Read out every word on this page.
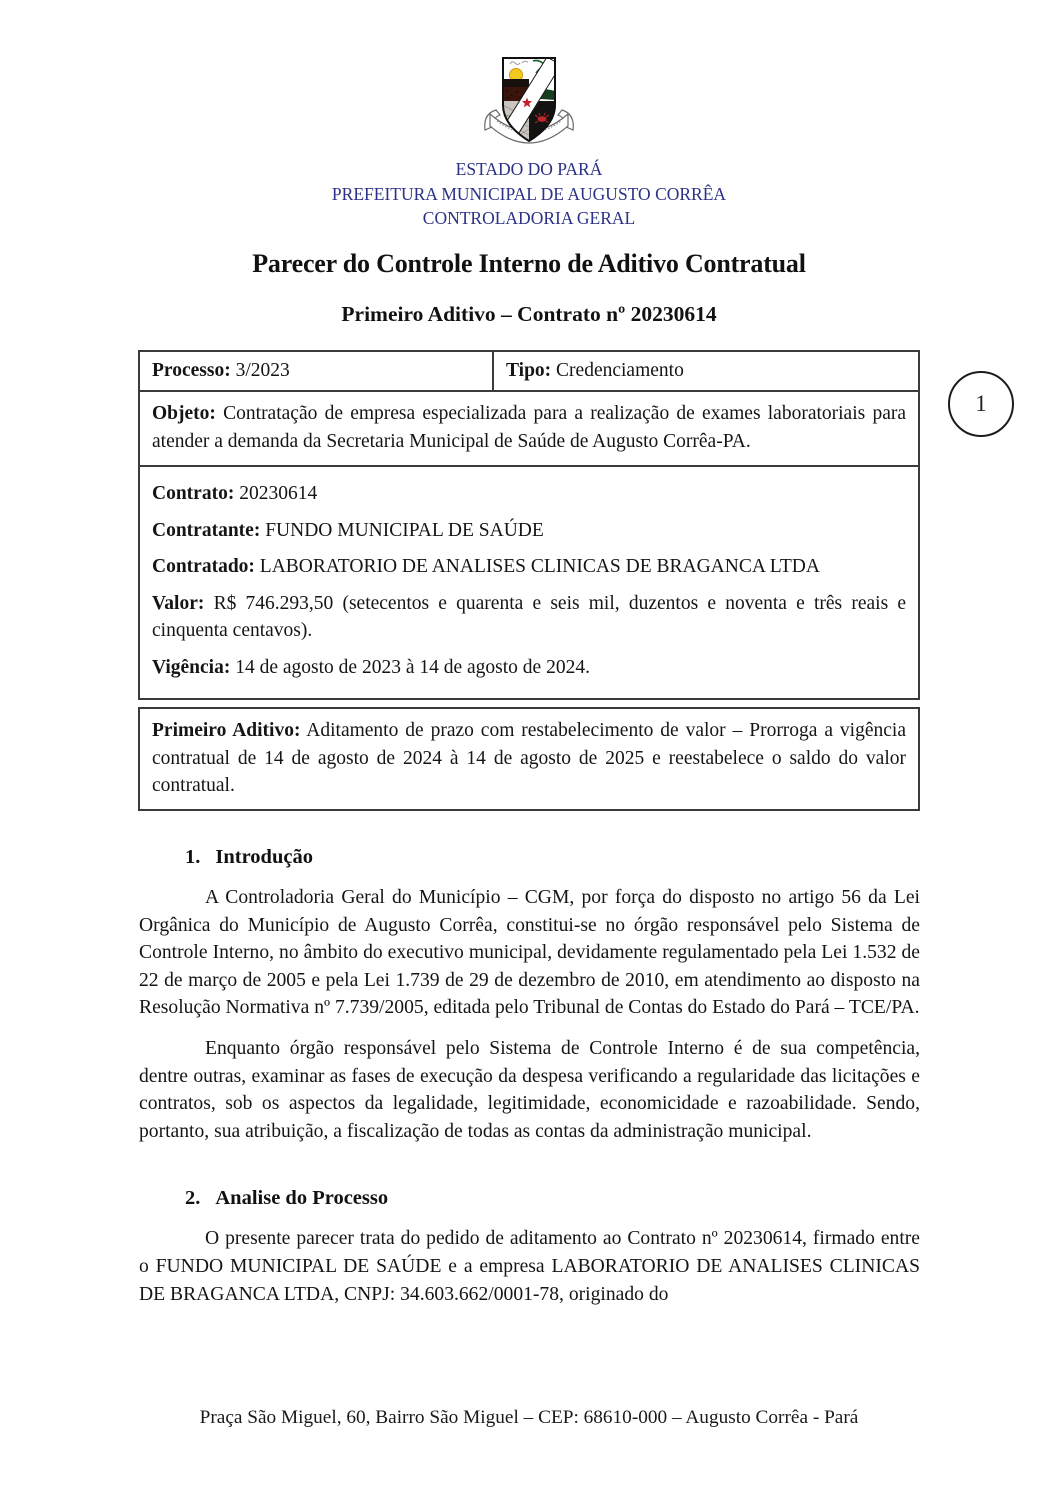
ESTADO DO PARÁ
PREFEITURA MUNICIPAL DE AUGUSTO CORRÊA
CONTROLADORIA GERAL
Parecer do Controle Interno de Aditivo Contratual
Primeiro Aditivo – Contrato nº 20230614
1
Processo: 3/2023	Tipo: Credenciamento
Objeto: Contratação de empresa especializada para a realização de exames laboratoriais para atender a demanda da Secretaria Municipal de Saúde de Augusto Corrêa-PA.

Contrato: 20230614

Contratante: FUNDO MUNICIPAL DE SAÚDE

Contratado: LABORATORIO DE ANALISES CLINICAS DE BRAGANCA LTDA

Valor: R$ 746.293,50 (setecentos e quarenta e seis mil, duzentos e noventa e três reais e cinquenta centavos).

Vigência: 14 de agosto de 2023 à 14 de agosto de 2024.

Primeiro Aditivo: Aditamento de prazo com restabelecimento de valor – Prorroga a vigência contratual de 14 de agosto de 2024 à 14 de agosto de 2025 e reestabelece o saldo do valor contratual.
1. Introdução

A Controladoria Geral do Município – CGM, por força do disposto no artigo 56 da Lei Orgânica do Município de Augusto Corrêa, constitui-se no órgão responsável pelo Sistema de Controle Interno, no âmbito do executivo municipal, devidamente regulamentado pela Lei 1.532 de 22 de março de 2005 e pela Lei 1.739 de 29 de dezembro de 2010, em atendimento ao disposto na Resolução Normativa nº 7.739/2005, editada pelo Tribunal de Contas do Estado do Pará – TCE/PA.

Enquanto órgão responsável pelo Sistema de Controle Interno é de sua competência, dentre outras, examinar as fases de execução da despesa verificando a regularidade das licitações e contratos, sob os aspectos da legalidade, legitimidade, economicidade e razoabilidade. Sendo, portanto, sua atribuição, a fiscalização de todas as contas da administração municipal.

2. Analise do Processo

O presente parecer trata do pedido de aditamento ao Contrato nº 20230614, firmado entre o FUNDO MUNICIPAL DE SAÚDE e a empresa LABORATORIO DE ANALISES CLINICAS DE BRAGANCA LTDA, CNPJ: 34.603.662/0001-78, originado do

Praça São Miguel, 60, Bairro São Miguel – CEP: 68610-000 – Augusto Corrêa - Pará
